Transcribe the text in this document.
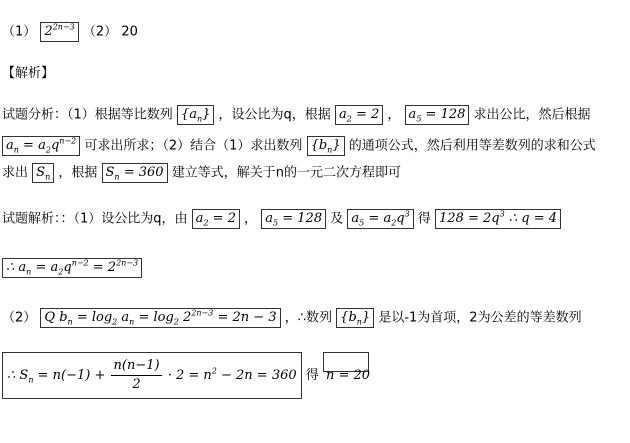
（1） $2^{2n-3}$ （2） 20
【解析】
试题分析：（1）根据等比数列 $\{a_n\}$ ，设公比为q，根据 $a_2 = 2$ ， $a_5 = 128$ 求出公比，然后根据
$a_n = a_2q^{n-2}$ 可求出所求；（2）结合（1）求出数列 $\{b_n\}$ 的通项公式，然后利用等差数列的求和公式
求出 $S_n$ ，根据 $S_n = 360$ 建立等式，解关于n的一元二次方程即可
试题解析：：（1）设公比为q，由 $a_2 = 2$ ， $a_5 = 128$ 及 $a_5 = a_2q^3$ 得 $128 = 2q^3$ ∴ q = 4
∴ $a_n = a_2q^{n-2} = 2^{2n-3}$
（2） Q $b_n = \log_2 a_n = \log_2 2^{2n-3} = 2n - 3$ ，∴数列 $\{b_n\}$ 是以-1为首项，2为公差的等差数列
∴ $S_n = n(-1) + \frac{n(n-1)}{2} \cdot 2 = n^2 - 2n = 360$ 得 n = 20
